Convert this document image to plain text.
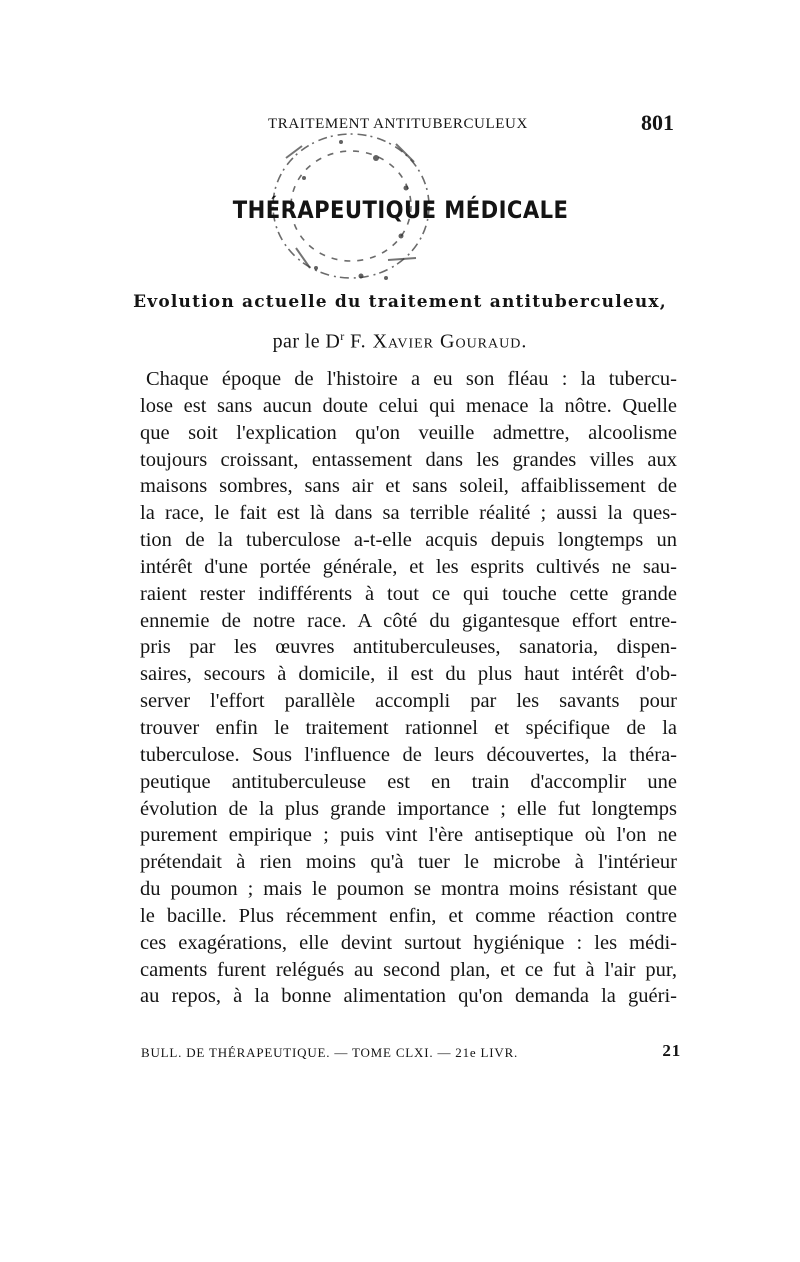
TRAITEMENT ANTITUBERCULEUX	801
THÉRAPEUTIQUE MÉDICALE
Evolution actuelle du traitement antituberculeux,
par le $D^r$ F. Xavier Gouraud.
Chaque époque de l'histoire a eu son fléau : la tubercu-
lose est sans aucun doute celui qui menace la nôtre. Quelle
que soit l'explication qu'on veuille admettre, alcoolisme
toujours croissant, entassement dans les grandes villes aux
maisons sombres, sans air et sans soleil, affaiblissement de
la race, le fait est là dans sa terrible réalité ; aussi la ques-
tion de la tuberculose a-t-elle acquis depuis longtemps un
intérêt d'une portée générale, et les esprits cultivés ne sau-
raient rester indifférents à tout ce qui touche cette grande
ennemie de notre race. A côté du gigantesque effort entre-
pris par les œuvres antituberculeuses, sanatoria, dispen-
saires, secours à domicile, il est du plus haut intérêt d'ob-
server l'effort parallèle accompli par les savants pour
trouver enfin le traitement rationnel et spécifique de la
tuberculose. Sous l'influence de leurs découvertes, la théra-
peutique antituberculeuse est en train d'accomplir une
évolution de la plus grande importance ; elle fut longtemps
purement empirique ; puis vint l'ère antiseptique où l'on ne
prétendait à rien moins qu'à tuer le microbe à l'intérieur
du poumon ; mais le poumon se montra moins résistant que
le bacille. Plus récemment enfin, et comme réaction contre
ces exagérations, elle devint surtout hygiénique : les médi-
caments furent relégués au second plan, et ce fut à l'air pur,
au repos, à la bonne alimentation qu'on demanda la guéri-
BULL. DE THÉRAPEUTIQUE. — TOME CLXI. — 21e LIVR.	21
